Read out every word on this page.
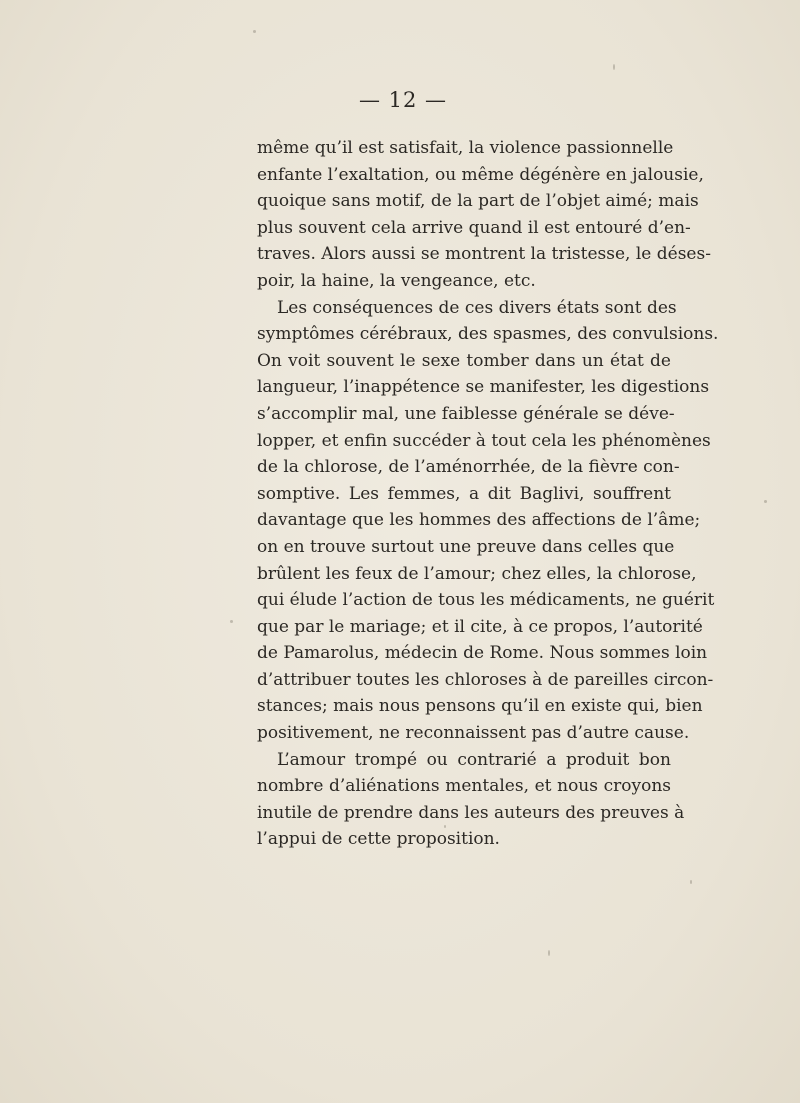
— 12 —
même qu’il est satisfait, la violence passionnelle
enfante l’exaltation, ou même dégénère en jalousie,
quoique sans motif, de la part de l’objet aimé; mais
plus souvent cela arrive quand il est entouré d’en-
traves. Alors aussi se montrent la tristesse, le déses-
poir, la haine, la vengeance, etc.
Les conséquences de ces divers états sont des
symptômes cérébraux, des spasmes, des convulsions.
On voit souvent le sexe tomber dans un état de
langueur, l’inappétence se manifester, les digestions
s’accomplir mal, une faiblesse générale se déve-
lopper, et enfin succéder à tout cela les phénomènes
de la chlorose, de l’aménorrhée, de la fièvre con-
somptive. Les femmes, a dit Baglivi, souffrent
davantage que les hommes des affections de l’âme;
on en trouve surtout une preuve dans celles que
brûlent les feux de l’amour; chez elles, la chlorose,
qui élude l’action de tous les médicaments, ne guérit
que par le mariage; et il cite, à ce propos, l’autorité
de Pamarolus, médecin de Rome. Nous sommes loin
d’attribuer toutes les chloroses à de pareilles circon-
stances; mais nous pensons qu’il en existe qui, bien
positivement, ne reconnaissent pas d’autre cause.
L’amour trompé ou contrarié a produit bon
nombre d’aliénations mentales, et nous croyons
inutile de prendre dans les auteurs des preuves à
l’appui de cette proposition.
